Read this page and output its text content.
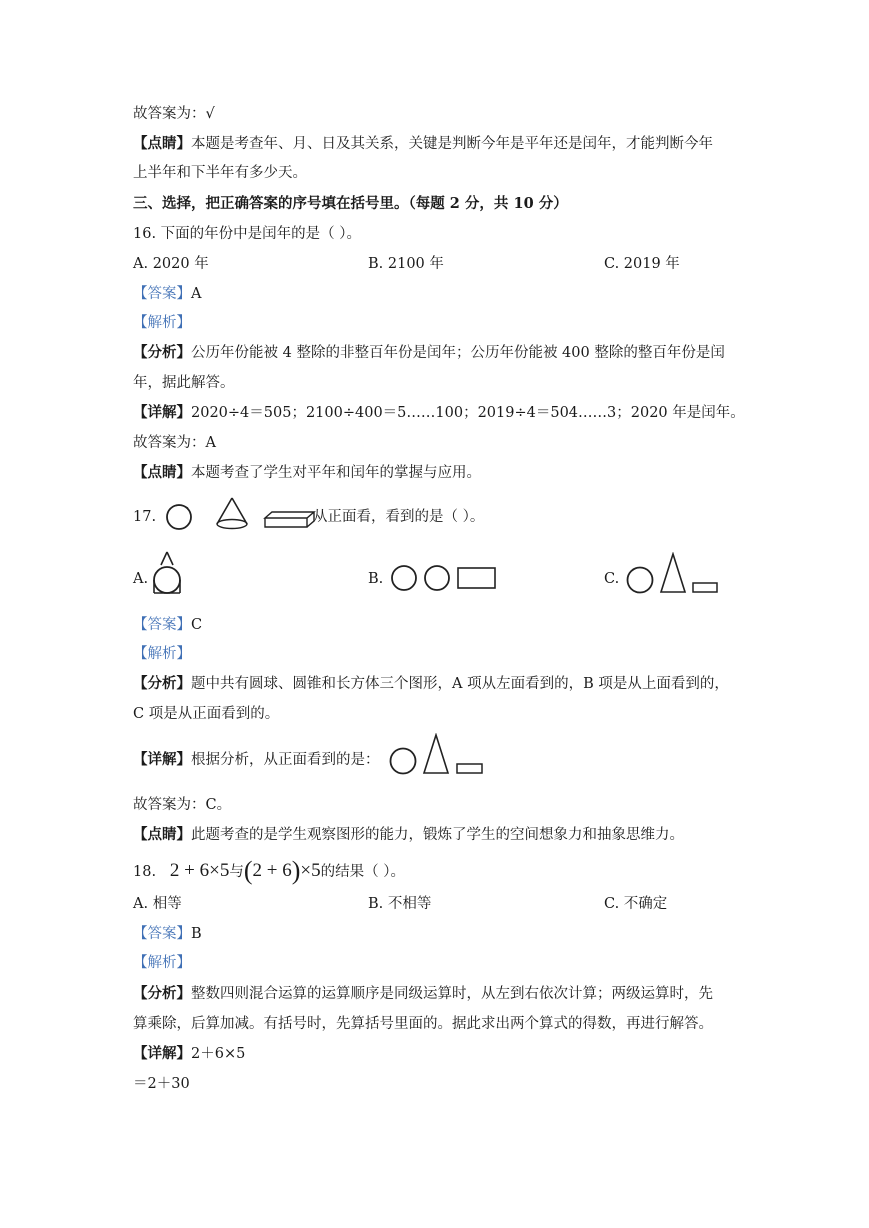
故答案为：√
【点睛】本题是考查年、月、日及其关系，关键是判断今年是平年还是闰年，才能判断今年
上半年和下半年有多少天。
三、选择，把正确答案的序号填在括号里。（每题 2 分，共 10 分）
16. 下面的年份中是闰年的是（ ）。
A. 2020 年	B. 2100 年	C. 2019 年
【答案】A
【解析】
【分析】公历年份能被 4 整除的非整百年份是闰年；公历年份能被 400 整除的整百年份是闰
年，据此解答。
【详解】2020÷4＝505；2100÷400＝5……100；2019÷4＝504……3；2020 年是闰年。
故答案为：A
【点睛】本题考查了学生对平年和闰年的掌握与应用。
17.	从正面看，看到的是（ ）。
A.	B.	C.
【答案】C
【解析】
【分析】题中共有圆球、圆锥和长方体三个图形，A 项从左面看到的，B 项是从上面看到的，
C 项是从正面看到的。
【详解】根据分析，从正面看到的是：
故答案为：C。
【点睛】此题考查的是学生观察图形的能力，锻炼了学生的空间想象力和抽象思维力。
18. 2 + 6×5与(2 + 6)×5的结果（ ）。
A. 相等	B. 不相等	C. 不确定
【答案】B
【解析】
【分析】整数四则混合运算的运算顺序是同级运算时，从左到右依次计算；两级运算时，先
算乘除，后算加减。有括号时，先算括号里面的。据此求出两个算式的得数，再进行解答。
【详解】2＋6×5
＝2＋30
